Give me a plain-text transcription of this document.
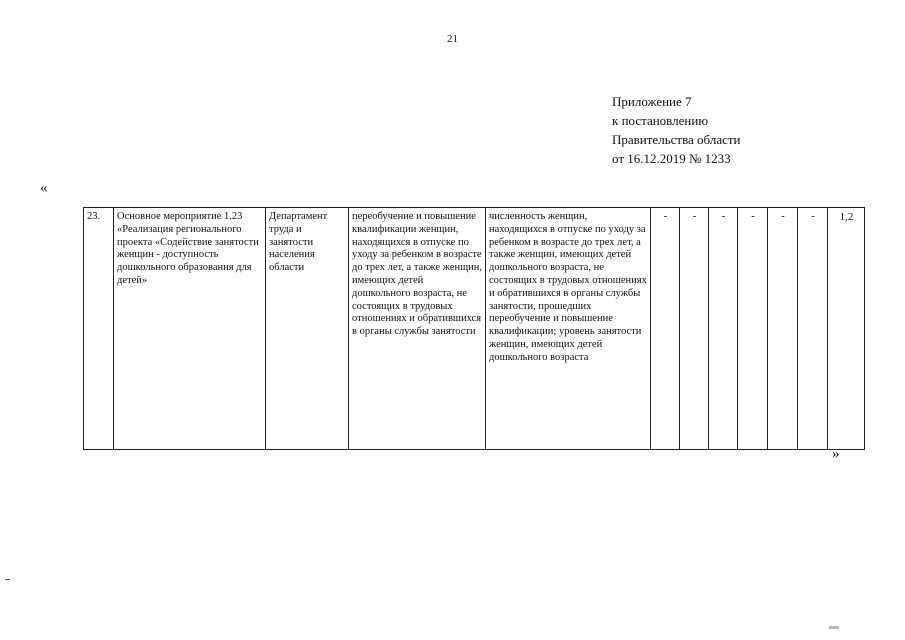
21
Приложение 7
к постановлению
Правительства области
от 16.12.2019 № 1233
«
23.	Основное мероприятие 1.23 «Реализация регионального проекта «Содействие занятости женщин - доступность дошкольного образования для детей»	Департамент труда и занятости населения области	переобучение и повышение квалификации женщин, находящихся в отпуске по уходу за ребенком в возрасте до трех лет, а также женщин, имеющих детей дошкольного возраста, не состоящих в трудовых отношениях и обратившихся в органы службы занятости	численность женщин, находящихся в отпуске по уходу за ребенком в возрасте до трех лет, а также женщин, имеющих детей дошкольного возраста, не состоящих в трудовых отношениях и обратившихся в органы службы занятости, прошедших переобучение и повышение квалификации; уровень занятости женщин, имеющих детей дошкольного возраста	-	-	-	-	-	-	1,2
»
